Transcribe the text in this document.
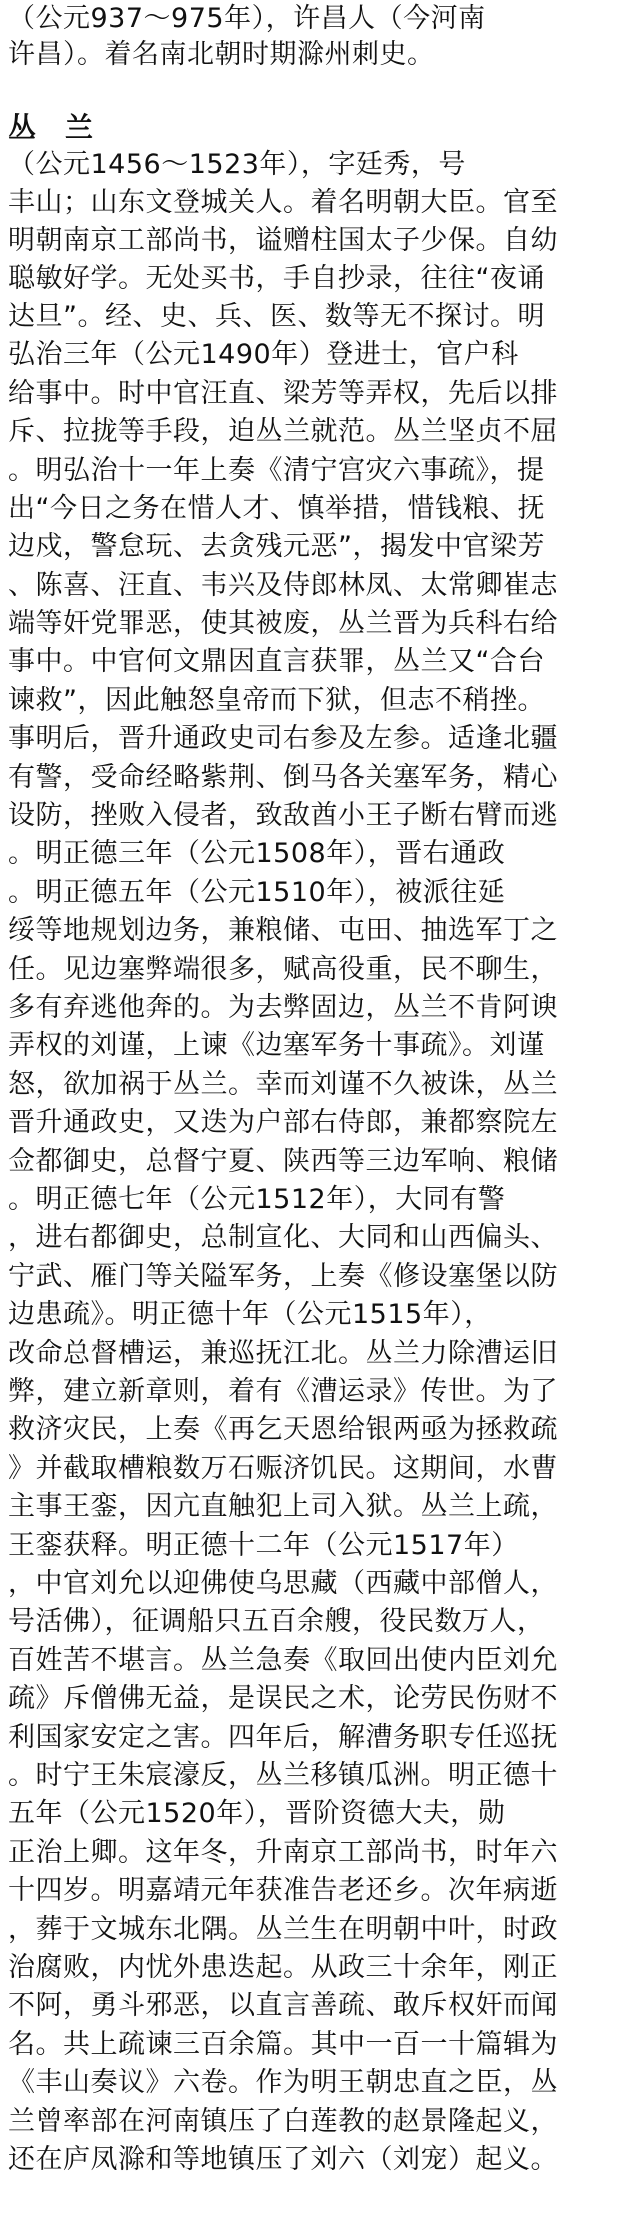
（公元937～975年），许昌人（今河南
许昌）。着名南北朝时期滁州刺史。
丛　兰
（公元1456～1523年），字廷秀，号
丰山；山东文登城关人。着名明朝大臣。官至
明朝南京工部尚书，谥赠柱国太子少保。自幼
聪敏好学。无处买书，手自抄录，往往“夜诵
达旦”。经、史、兵、医、数等无不探讨。明
弘治三年（公元1490年）登进士，官户科
给事中。时中官汪直、梁芳等弄权，先后以排
斥、拉拢等手段，迫丛兰就范。丛兰坚贞不屈
。明弘治十一年上奏《清宁宫灾六事疏》，提
出“今日之务在惜人才、慎举措，惜钱粮、抚
边戍，警怠玩、去贪残元恶”，揭发中官梁芳
、陈喜、汪直、韦兴及侍郎林凤、太常卿崔志
端等奸党罪恶，使其被废，丛兰晋为兵科右给
事中。中官何文鼎因直言获罪，丛兰又“合台
谏救”，因此触怒皇帝而下狱，但志不稍挫。
事明后，晋升通政史司右参及左参。适逢北疆
有警，受命经略紫荆、倒马各关塞军务，精心
设防，挫败入侵者，致敌酋小王子断右臂而逃
。明正德三年（公元1508年），晋右通政
。明正德五年（公元1510年），被派往延
绥等地规划边务，兼粮储、屯田、抽选军丁之
任。见边塞弊端很多，赋高役重，民不聊生，
多有弃逃他奔的。为去弊固边，丛兰不肯阿谀
弄权的刘谨，上谏《边塞军务十事疏》。刘谨
怒，欲加祸于丛兰。幸而刘谨不久被诛，丛兰
晋升通政史，又迭为户部右侍郎，兼都察院左
佥都御史，总督宁夏、陕西等三边军响、粮储
。明正德七年（公元1512年），大同有警
，进右都御史，总制宣化、大同和山西偏头、
宁武、雁门等关隘军务，上奏《修设塞堡以防
边患疏》。明正德十年（公元1515年），
改命总督槽运，兼巡抚江北。丛兰力除漕运旧
弊，建立新章则，着有《漕运录》传世。为了
救济灾民，上奏《再乞天恩给银两亟为拯救疏
》并截取槽粮数万石赈济饥民。这期间，水曹
主事王銮，因亢直触犯上司入狱。丛兰上疏，
王銮获释。明正德十二年（公元1517年）
，中官刘允以迎佛使乌思藏（西藏中部僧人，
号活佛），征调船只五百余艘，役民数万人，
百姓苦不堪言。丛兰急奏《取回出使内臣刘允
疏》斥僧佛无益，是误民之术，论劳民伤财不
利国家安定之害。四年后，解漕务职专任巡抚
。时宁王朱宸濠反，丛兰移镇瓜洲。明正德十
五年（公元1520年），晋阶资德大夫，勋
正治上卿。这年冬，升南京工部尚书，时年六
十四岁。明嘉靖元年获准告老还乡。次年病逝
，葬于文城东北隅。丛兰生在明朝中叶，时政
治腐败，内忧外患迭起。从政三十余年，刚正
不阿，勇斗邪恶，以直言善疏、敢斥权奸而闻
名。共上疏谏三百余篇。其中一百一十篇辑为
《丰山奏议》六卷。作为明王朝忠直之臣，丛
兰曾率部在河南镇压了白莲教的赵景隆起义，
还在庐凤滁和等地镇压了刘六（刘宠）起义。
